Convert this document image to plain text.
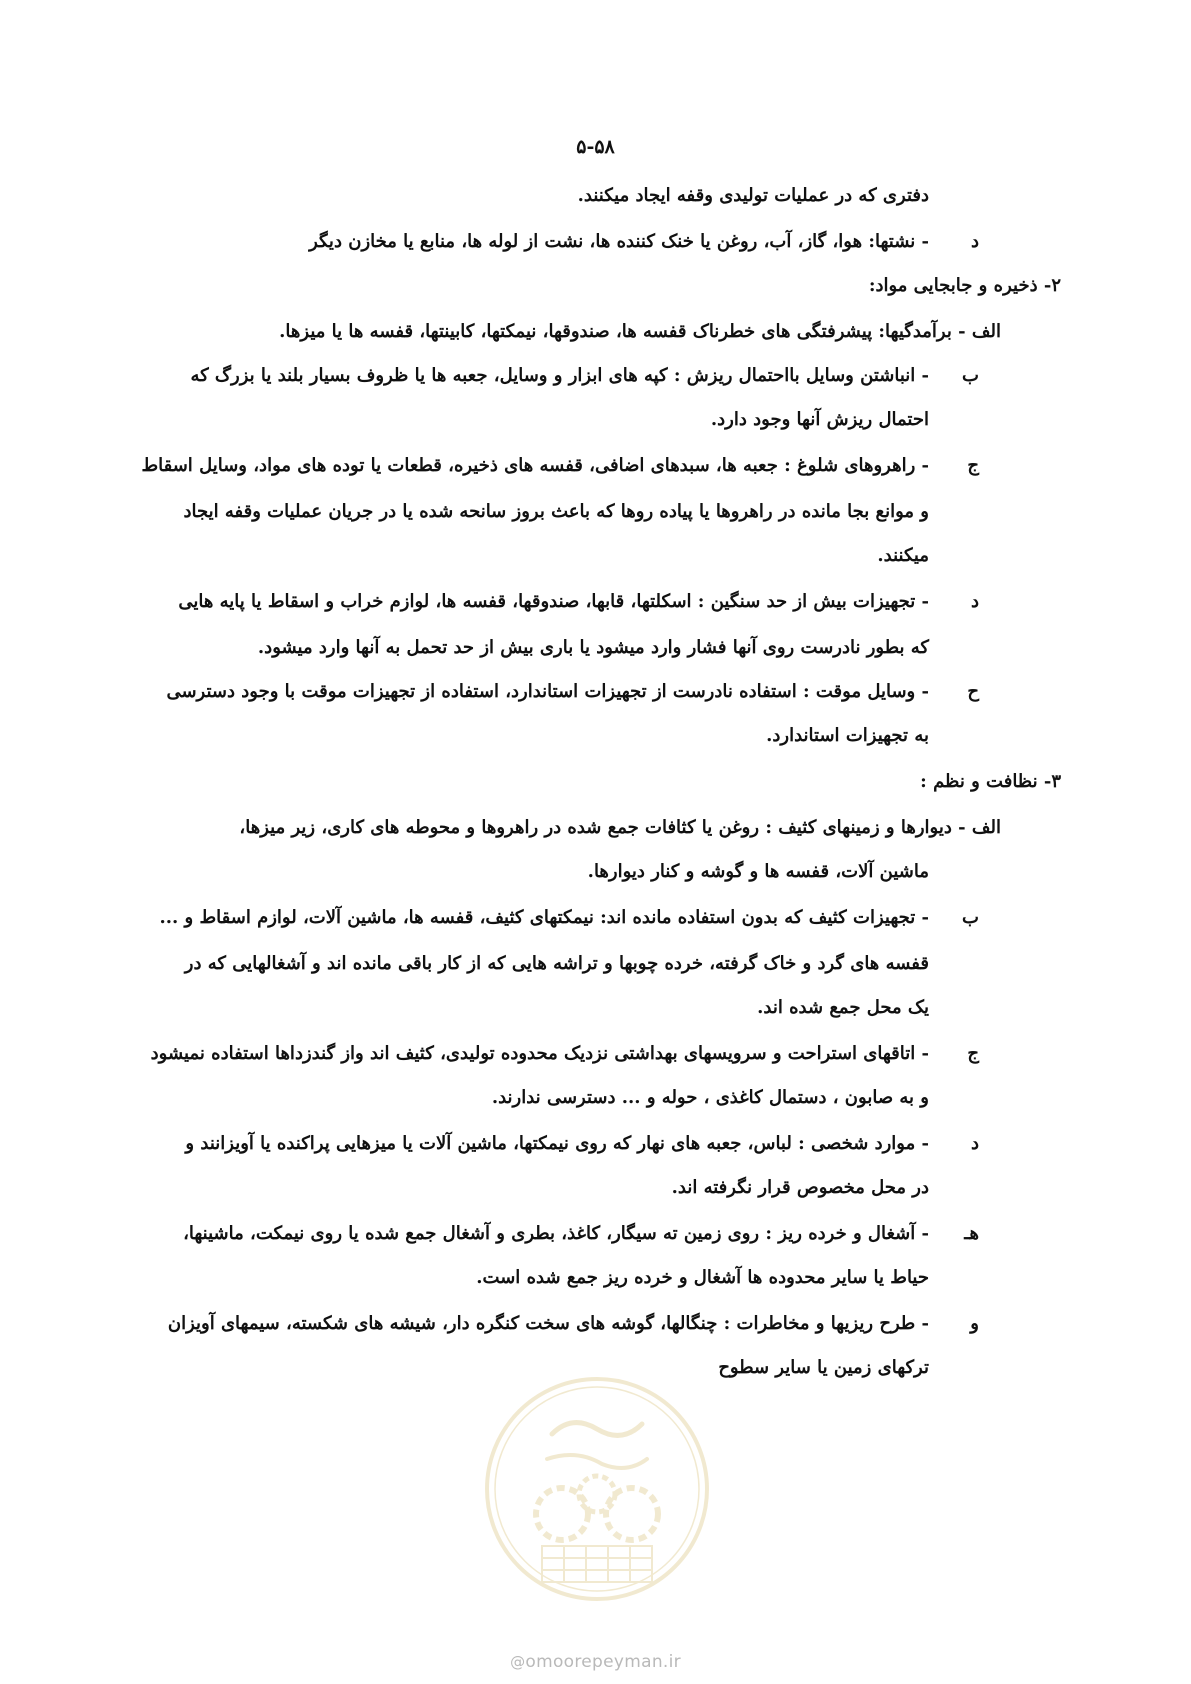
۵-۵۸
دفتری که در عملیات تولیدی وقفه ایجاد میکنند.
د
- نشتها: هوا، گاز، آب، روغن یا خنک کننده ها، نشت از لوله ها، منابع یا مخازن دیگر
۲- ذخیره و جابجایی مواد:
الف - برآمدگیها: پیشرفتگی های خطرناک قفسه ها، صندوقها، نیمکتها، کابینتها، قفسه ها یا میزها.
ب
- انباشتن وسایل بااحتمال ریزش : کپه های ابزار و وسایل، جعبه ها یا ظروف بسیار بلند یا بزرگ که
احتمال ریزش آنها وجود دارد.
ج
- راهروهای شلوغ : جعبه ها، سبدهای اضافی، قفسه های ذخیره، قطعات یا توده های مواد، وسایل اسقاط
و موانع بجا مانده در راهروها یا پیاده روها که باعث بروز سانحه شده یا در جریان عملیات وقفه ایجاد
میکنند.
د
- تجهیزات بیش از حد سنگین : اسکلتها، قابها، صندوقها، قفسه ها، لوازم خراب و اسقاط یا پایه هایی
که بطور نادرست روی آنها فشار وارد میشود یا باری بیش از حد تحمل به آنها وارد میشود.
ح
- وسایل موقت : استفاده نادرست از تجهیزات استاندارد، استفاده از تجهیزات موقت با وجود دسترسی
به تجهیزات استاندارد.
۳- نظافت و نظم :
الف - دیوارها و زمینهای کثیف : روغن یا کثافات جمع شده در راهروها و محوطه های کاری، زیر میزها،
ماشین آلات، قفسه ها و گوشه و کنار دیوارها.
ب
- تجهیزات کثیف که بدون استفاده مانده اند: نیمکتهای کثیف، قفسه ها، ماشین آلات، لوازم اسقاط و ...
قفسه های گرد و خاک گرفته، خرده چوبها و تراشه هایی که از کار باقی مانده اند و آشغالهایی که در
یک محل جمع شده اند.
ج
- اتاقهای استراحت و سرویسهای بهداشتی نزدیک محدوده تولیدی، کثیف اند واز گندزداها استفاده نمیشود
و به صابون ، دستمال کاغذی ، حوله و ... دسترسی ندارند.
د
- موارد شخصی : لباس، جعبه های نهار که روی نیمکتها، ماشین آلات یا میزهایی پراکنده یا آویزانند و
در محل مخصوص قرار نگرفته اند.
هـ
- آشغال و خرده ریز : روی زمین ته سیگار، کاغذ، بطری و آشغال جمع شده یا روی نیمکت، ماشینها،
حیاط یا سایر محدوده ها آشغال و خرده ریز جمع شده است.
و
- طرح ریزیها و مخاطرات : چنگالها، گوشه های سخت کنگره دار، شیشه های شکسته، سیمهای آویزان
ترکهای زمین یا سایر سطوح
@omoorepeyman.ir
